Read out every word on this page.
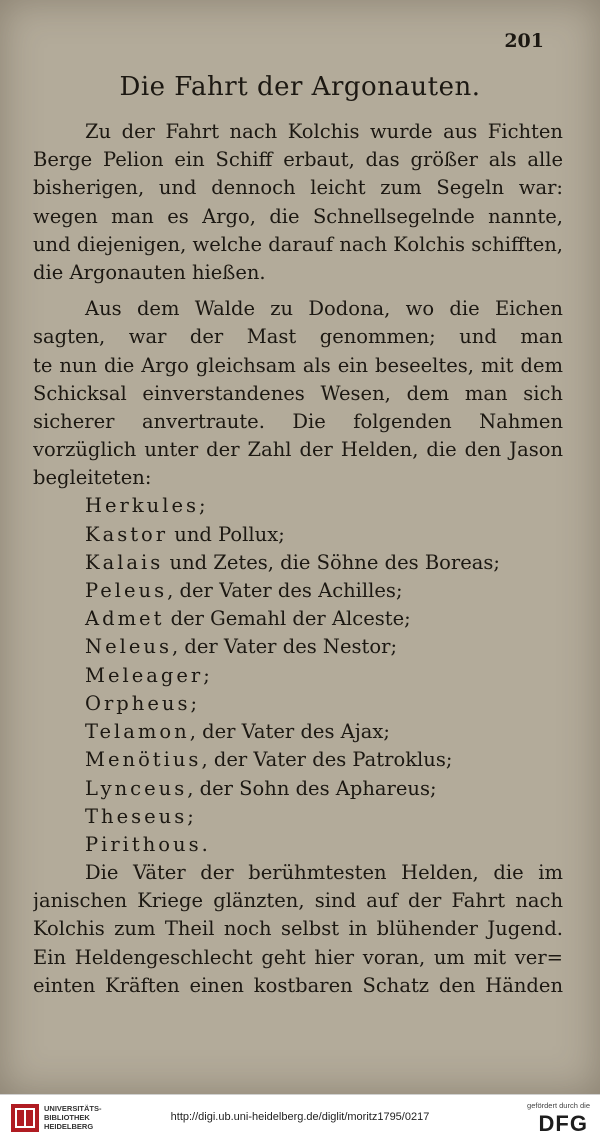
201
Die Fahrt der Argonauten.
Zu der Fahrt nach Kolchis wurde aus Fichten
Berge Pelion ein Schiff erbaut, das größer als alle
bisherigen, und dennoch leicht zum Segeln war:
wegen man es Argo, die Schnellsegelnde nannte,
und diejenigen, welche darauf nach Kolchis schifften,
die Argonauten hießen.
Aus dem Walde zu Dodona, wo die Eichen
sagten, war der Mast genommen; und man
te nun die Argo gleichsam als ein beseeltes, mit dem
Schicksal einverstandenes Wesen, dem man sich
sicherer anvertraute. Die folgenden Nahmen
vorzüglich unter der Zahl der Helden, die den Jason
begleiteten:
Herkules;
Kastor und Pollux;
Kalais und Zetes, die Söhne des Boreas;
Peleus, der Vater des Achilles;
Admet der Gemahl der Alceste;
Neleus, der Vater des Nestor;
Meleager;
Orpheus;
Telamon, der Vater des Ajax;
Menötius, der Vater des Patroklus;
Lynceus, der Sohn des Aphareus;
Theseus;
Pirithous.
Die Väter der berühmtesten Helden, die im
janischen Kriege glänzten, sind auf der Fahrt nach
Kolchis zum Theil noch selbst in blühender Jugend.
Ein Heldengeschlecht geht hier voran, um mit ver=
einten Kräften einen kostbaren Schatz den Händen
UNIVERSITÄTS-
BIBLIOTHEK
HEIDELBERG
http://digi.ub.uni-heidelberg.de/diglit/moritz1795/0217
gefördert durch die
DFG
